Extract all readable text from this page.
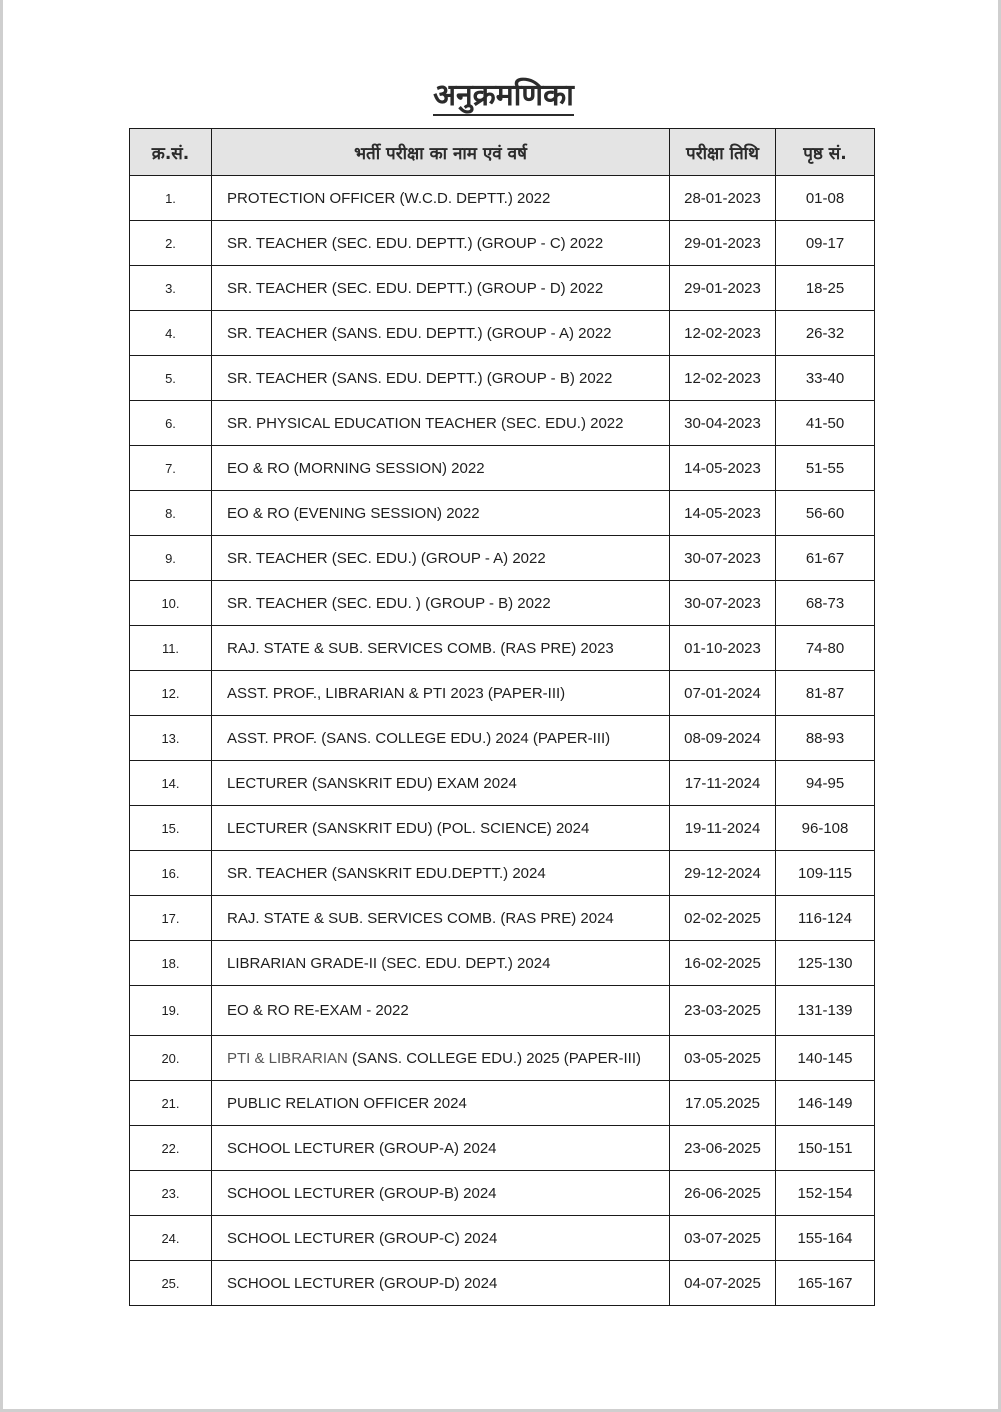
अनुक्रमणिका
क्र.सं.	भर्ती परीक्षा का नाम एवं वर्ष	परीक्षा तिथि	पृष्ठ सं.
1.	PROTECTION OFFICER (W.C.D. DEPTT.) 2022	28-01-2023	01-08
2.	SR. TEACHER (SEC. EDU. DEPTT.) (GROUP - C) 2022	29-01-2023	09-17
3.	SR. TEACHER (SEC. EDU. DEPTT.) (GROUP - D) 2022	29-01-2023	18-25
4.	SR. TEACHER (SANS. EDU. DEPTT.) (GROUP - A) 2022	12-02-2023	26-32
5.	SR. TEACHER (SANS. EDU. DEPTT.) (GROUP - B) 2022	12-02-2023	33-40
6.	SR. PHYSICAL EDUCATION TEACHER (SEC. EDU.) 2022	30-04-2023	41-50
7.	EO & RO (MORNING SESSION) 2022	14-05-2023	51-55
8.	EO & RO (EVENING SESSION) 2022	14-05-2023	56-60
9.	SR. TEACHER (SEC. EDU.) (GROUP - A) 2022	30-07-2023	61-67
10.	SR. TEACHER (SEC. EDU. ) (GROUP - B) 2022	30-07-2023	68-73
11.	RAJ. STATE & SUB. SERVICES COMB. (RAS PRE) 2023	01-10-2023	74-80
12.	ASST. PROF., LIBRARIAN & PTI 2023 (PAPER-III)	07-01-2024	81-87
13.	ASST. PROF. (SANS. COLLEGE EDU.) 2024 (PAPER-III)	08-09-2024	88-93
14.	LECTURER (SANSKRIT EDU) EXAM 2024	17-11-2024	94-95
15.	LECTURER (SANSKRIT EDU) (POL. SCIENCE) 2024	19-11-2024	96-108
16.	SR. TEACHER (SANSKRIT EDU.DEPTT.) 2024	29-12-2024	109-115
17.	RAJ. STATE & SUB. SERVICES COMB. (RAS PRE) 2024	02-02-2025	116-124
18.	LIBRARIAN GRADE-II (SEC. EDU. DEPT.) 2024	16-02-2025	125-130
19.	EO & RO RE-EXAM - 2022	23-03-2025	131-139
20.	PTI & LIBRARIAN (SANS. COLLEGE EDU.) 2025 (PAPER-III)	03-05-2025	140-145
21.	PUBLIC RELATION OFFICER 2024	17.05.2025	146-149
22.	SCHOOL LECTURER (GROUP-A) 2024	23-06-2025	150-151
23.	SCHOOL LECTURER (GROUP-B) 2024	26-06-2025	152-154
24.	SCHOOL LECTURER (GROUP-C) 2024	03-07-2025	155-164
25.	SCHOOL LECTURER (GROUP-D) 2024	04-07-2025	165-167
